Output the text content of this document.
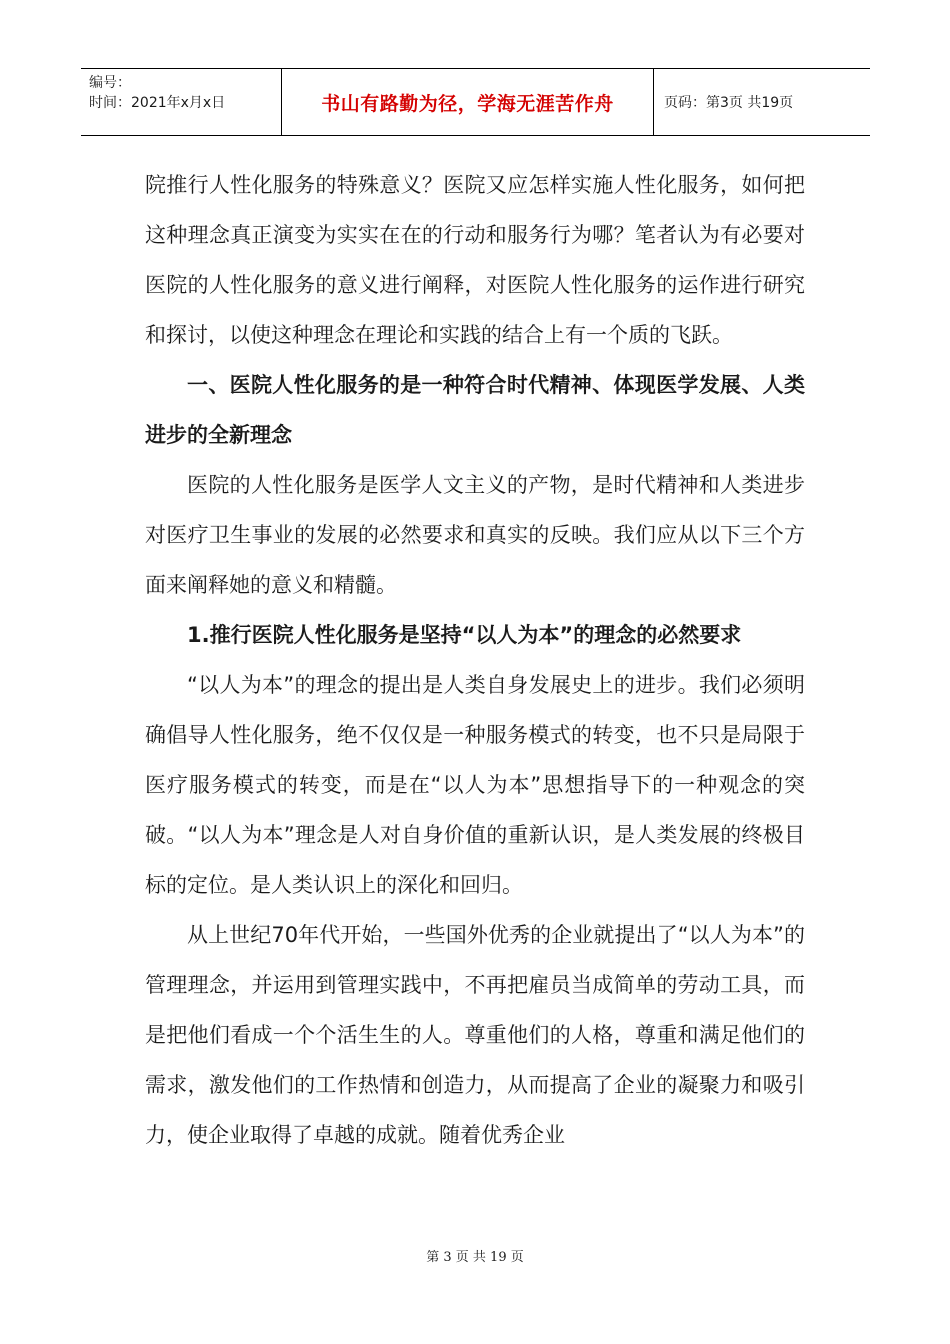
编号：
时间：2021年x月x日	书山有路勤为径，学海无涯苦作舟	页码：第3页 共19页

院推行人性化服务的特殊意义？医院又应怎样实施人性化服务，如何把这种理念真正演变为实实在在的行动和服务行为哪？笔者认为有必要对医院的人性化服务的意义进行阐释，对医院人性化服务的运作进行研究和探讨，以使这种理念在理论和实践的结合上有一个质的飞跃。

一、医院人性化服务的是一种符合时代精神、体现医学发展、人类进步的全新理念

医院的人性化服务是医学人文主义的产物，是时代精神和人类进步对医疗卫生事业的发展的必然要求和真实的反映。我们应从以下三个方面来阐释她的意义和精髓。

1.推行医院人性化服务是坚持“以人为本”的理念的必然要求

“以人为本”的理念的提出是人类自身发展史上的进步。我们必须明确倡导人性化服务，绝不仅仅是一种服务模式的转变，也不只是局限于医疗服务模式的转变，而是在“以人为本”思想指导下的一种观念的突破。“以人为本”理念是人对自身价值的重新认识，是人类发展的终极目标的定位。是人类认识上的深化和回归。

从上世纪70年代开始，一些国外优秀的企业就提出了“以人为本”的管理理念，并运用到管理实践中，不再把雇员当成简单的劳动工具，而是把他们看成一个个活生生的人。尊重他们的人格，尊重和满足他们的需求，激发他们的工作热情和创造力，从而提高了企业的凝聚力和吸引力，使企业取得了卓越的成就。随着优秀企业

第 3 页 共 19 页
